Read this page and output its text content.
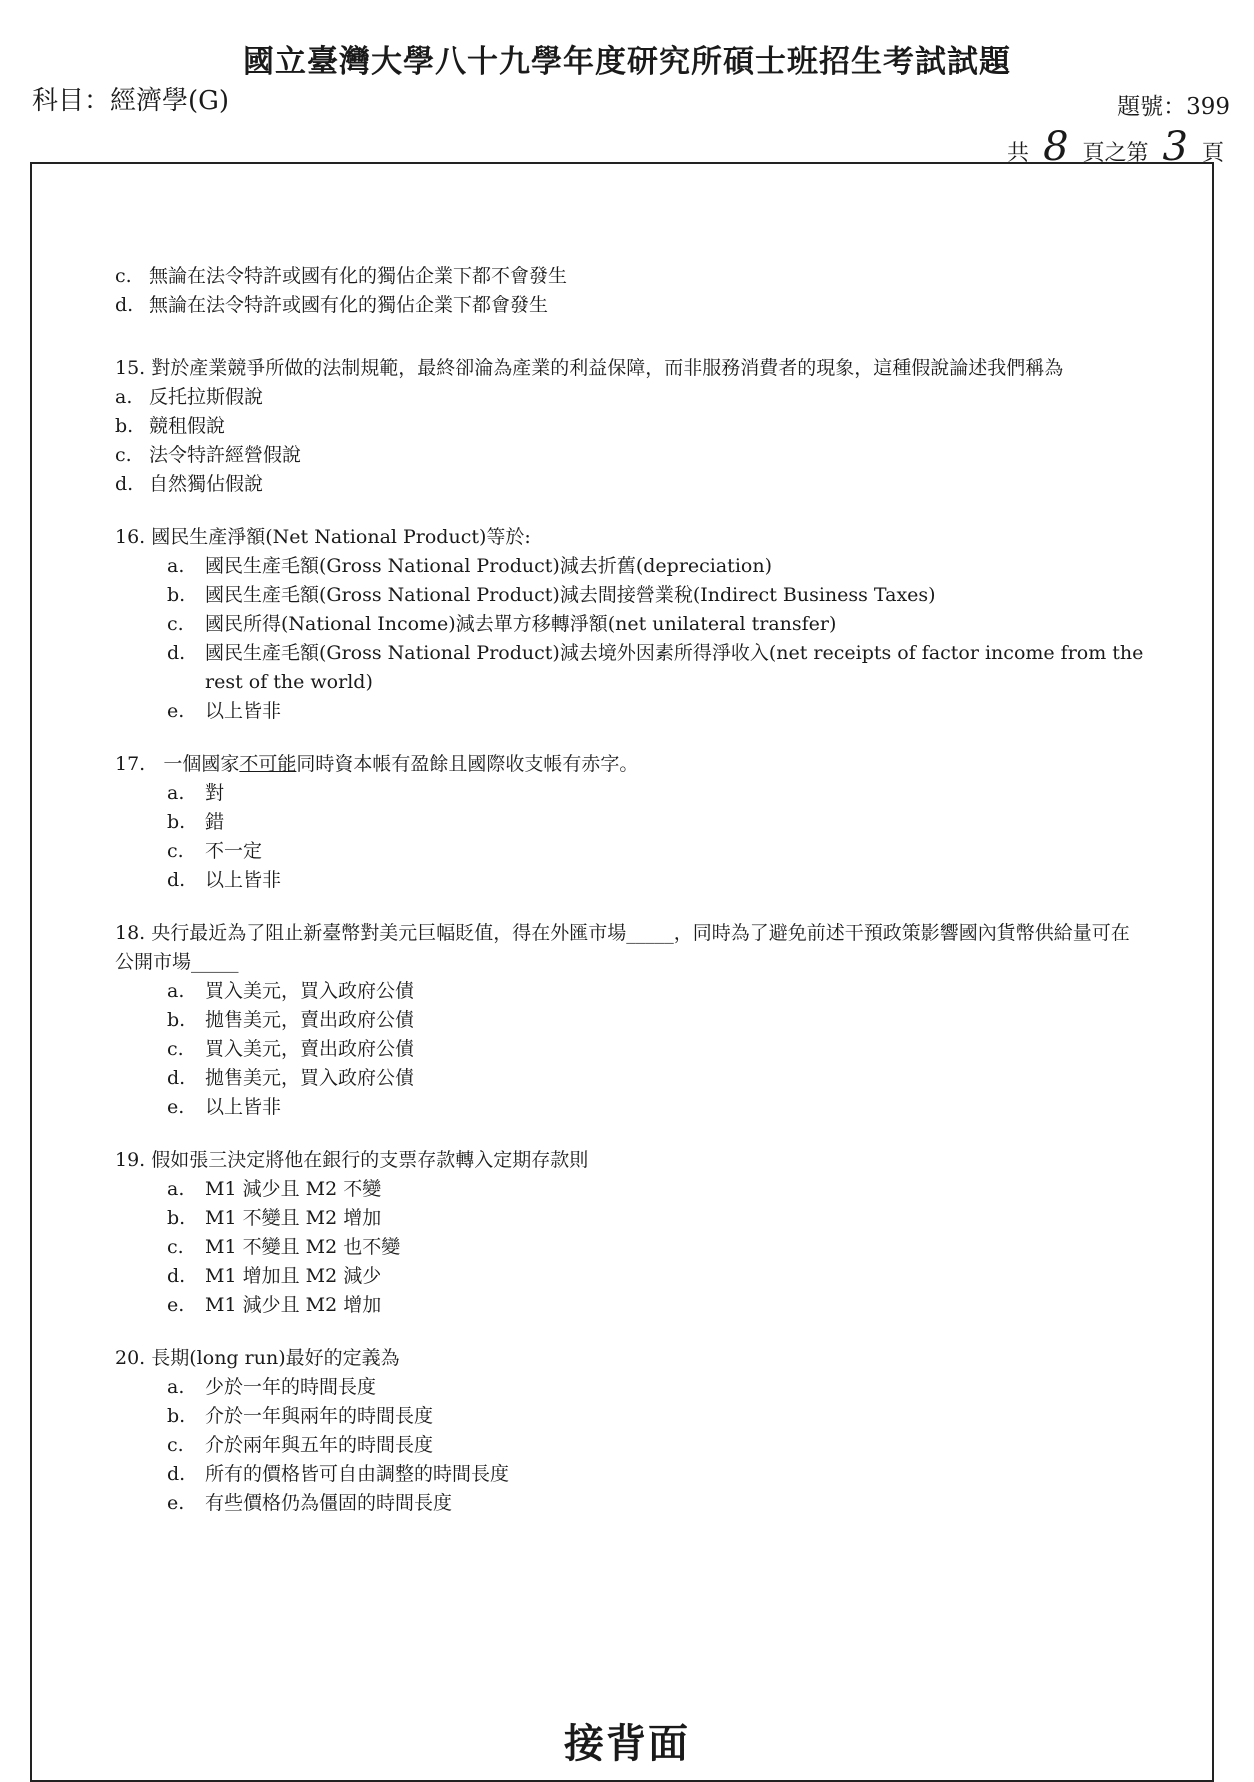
國立臺灣大學八十九學年度研究所碩士班招生考試試題
科目：經濟學(G)	題號：399
共 8 頁之第 3 頁
c. 無論在法令特許或國有化的獨佔企業下都不會發生
d. 無論在法令特許或國有化的獨佔企業下都會發生
15. 對於產業競爭所做的法制規範，最終卻淪為產業的利益保障，而非服務消費者的現象，這種假說論述我們稱為
a. 反托拉斯假說
b. 競租假說
c. 法令特許經營假說
d. 自然獨佔假說
16. 國民生產淨額(Net National Product)等於:
a.	國民生產毛額(Gross National Product)減去折舊(depreciation)
b.	國民生產毛額(Gross National Product)減去間接營業稅(Indirect Business Taxes)
c.	國民所得(National Income)減去單方移轉淨額(net unilateral transfer)
d.	國民生產毛額(Gross National Product)減去境外因素所得淨收入(net receipts of factor income from the rest of the world)
e.	以上皆非
17. 一個國家不可能同時資本帳有盈餘且國際收支帳有赤字。
a.	對
b.	錯
c.	不一定
d.	以上皆非
18. 央行最近為了阻止新臺幣對美元巨幅貶值，得在外匯市場_____，同時為了避免前述干預政策影響國內貨幣供給量可在公開市場_____
a.	買入美元，買入政府公債
b.	拋售美元，賣出政府公債
c.	買入美元，賣出政府公債
d.	拋售美元，買入政府公債
e.	以上皆非
19. 假如張三決定將他在銀行的支票存款轉入定期存款則
a.	M1 減少且 M2 不變
b.	M1 不變且 M2 增加
c.	M1 不變且 M2 也不變
d.	M1 增加且 M2 減少
e.	M1 減少且 M2 增加
20. 長期(long run)最好的定義為
a.	少於一年的時間長度
b.	介於一年與兩年的時間長度
c.	介於兩年與五年的時間長度
d.	所有的價格皆可自由調整的時間長度
e.	有些價格仍為僵固的時間長度
接背面
